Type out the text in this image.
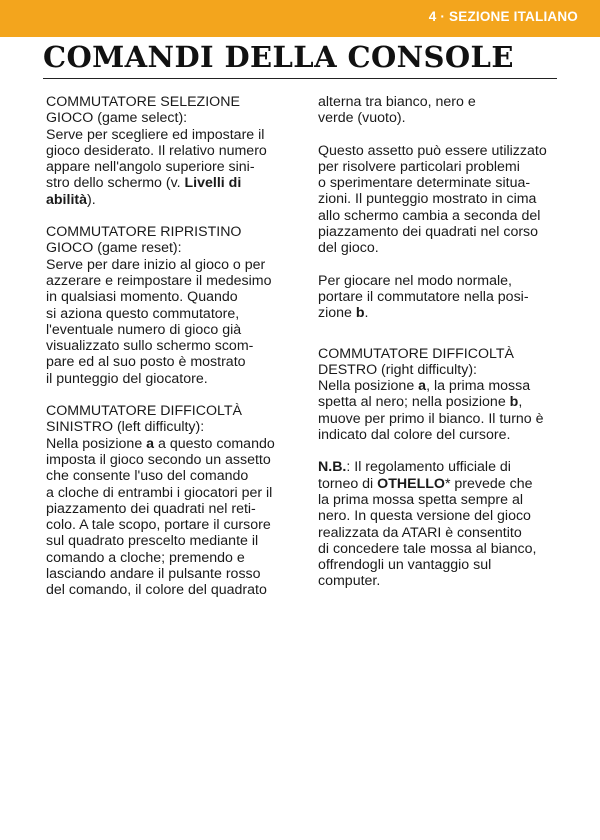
4 · SEZIONE ITALIANO
COMANDI DELLA CONSOLE
COMMUTATORE SELEZIONE
GIOCO (game select):
Serve per scegliere ed impostare il
gioco desiderato. Il relativo numero
appare nell'angolo superiore sini-
stro dello schermo (v. Livelli di
abilità).
COMMUTATORE RIPRISTINO
GIOCO (game reset):
Serve per dare inizio al gioco o per
azzerare e reimpostare il medesimo
in qualsiasi momento. Quando
si aziona questo commutatore,
l'eventuale numero di gioco già
visualizzato sullo schermo scom-
pare ed al suo posto è mostrato
il punteggio del giocatore.
COMMUTATORE DIFFICOLTÀ
SINISTRO (left difficulty):
Nella posizione a a questo comando
imposta il gioco secondo un assetto
che consente l'uso del comando
a cloche di entrambi i giocatori per il
piazzamento dei quadrati nel reti-
colo. A tale scopo, portare il cursore
sul quadrato prescelto mediante il
comando a cloche; premendo e
lasciando andare il pulsante rosso
del comando, il colore del quadrato
alterna tra bianco, nero e
verde (vuoto).
Questo assetto può essere utilizzato
per risolvere particolari problemi
o sperimentare determinate situa-
zioni. Il punteggio mostrato in cima
allo schermo cambia a seconda del
piazzamento dei quadrati nel corso
del gioco.
Per giocare nel modo normale,
portare il commutatore nella posi-
zione b.
COMMUTATORE DIFFICOLTÀ
DESTRO (right difficulty):
Nella posizione a, la prima mossa
spetta al nero; nella posizione b,
muove per primo il bianco. Il turno è
indicato dal colore del cursore.
N.B.: Il regolamento ufficiale di
torneo di OTHELLO* prevede che
la prima mossa spetta sempre al
nero. In questa versione del gioco
realizzata da ATARI è consentito
di concedere tale mossa al bianco,
offrendogli un vantaggio sul
computer.
